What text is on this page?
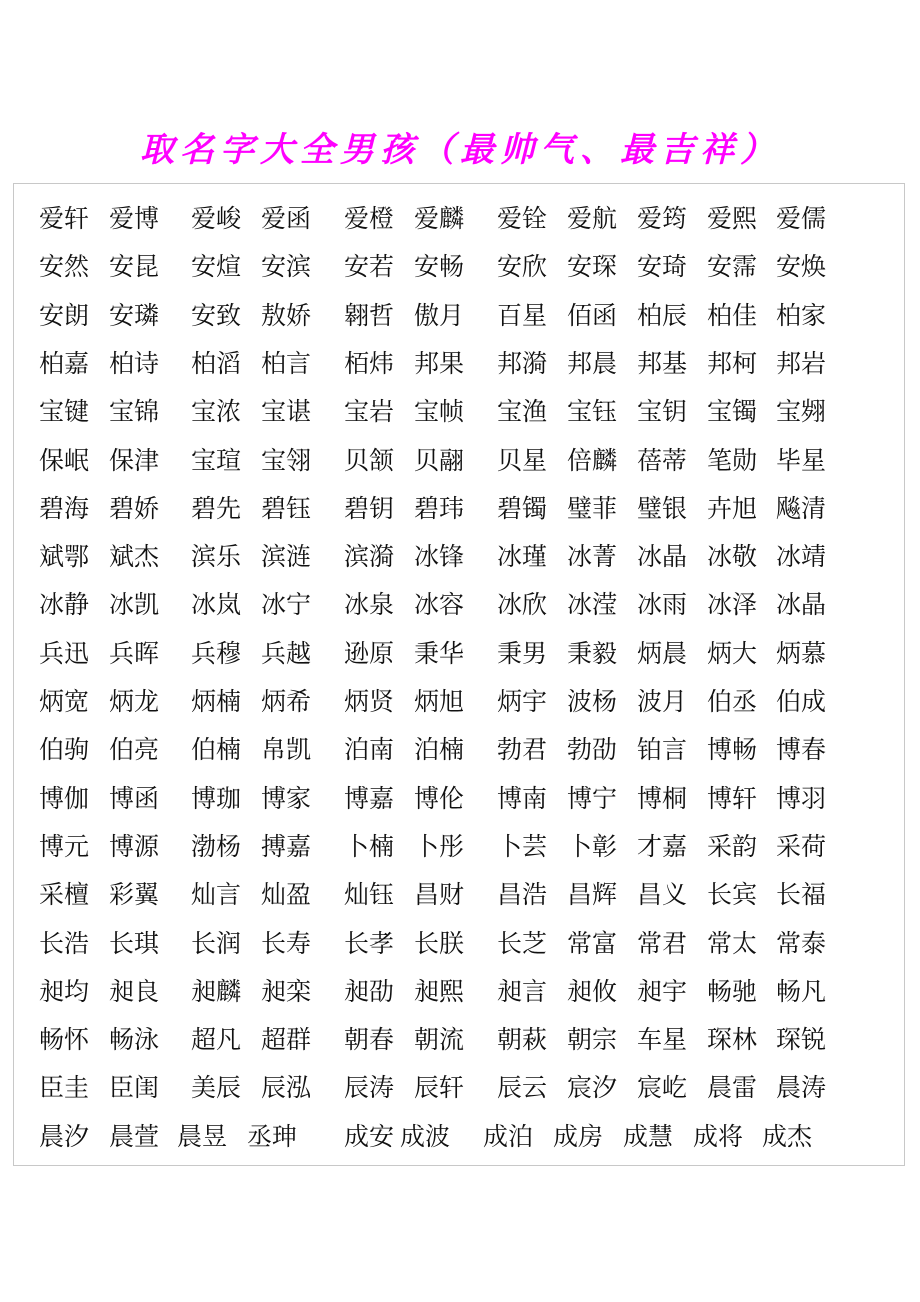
取名字大全男孩（最帅气、最吉祥）
爱轩 爱博 爱峻 爱函 爱橙 爱麟 爱铨 爱航 爱筠 爱熙 爱儒
安然 安昆 安煊 安滨 安若 安畅 安欣 安琛 安琦 安霈 安焕
安朗 安璘 安致 敖娇 翱哲 傲月 百星 佰函 柏辰 柏佳 柏家
柏嘉 柏诗 柏滔 柏言 栢炜 邦果 邦漪 邦晨 邦基 邦柯 邦岩
宝键 宝锦 宝浓 宝谌 宝岩 宝帧 宝渔 宝钰 宝钥 宝镯 宝翙
保岷 保津 宝瑄 宝翎 贝颔 贝翮 贝星 倍麟 蓓蒂 笔勋 毕星
碧海 碧娇 碧先 碧钰 碧钥 碧玮 碧镯 璧菲 璧银 卉旭 飚清
斌鄂 斌杰 滨乐 滨涟 滨漪 冰锋 冰瑾 冰菁 冰晶 冰敬 冰靖
冰静 冰凯 冰岚 冰宁 冰泉 冰容 冰欣 冰滢 冰雨 冰泽 冰晶
兵迅 兵晖 兵穆 兵越 逊原 秉华 秉男 秉毅 炳晨 炳大 炳慕
炳宽 炳龙 炳楠 炳希 炳贤 炳旭 炳宇 波杨 波月 伯丞 伯成
伯驹 伯亮 伯楠 帛凯 泊南 泊楠 勃君 勃劭 铂言 博畅 博春
博伽 博函 博珈 博家 博嘉 博伦 博南 博宁 博桐 博轩 博羽
博元 博源 渤杨 搏嘉 卜楠 卜彤 卜芸 卜彰 才嘉 采韵 采荷
采檀 彩翼 灿言 灿盈 灿钰 昌财 昌浩 昌辉 昌义 长宾 长福
长浩 长琪 长润 长寿 长孝 长朕 长芝 常富 常君 常太 常泰
昶均 昶良 昶麟 昶栾 昶劭 昶熙 昶言 昶攸 昶宇 畅驰 畅凡
畅怀 畅泳 超凡 超群 朝春 朝流 朝萩 朝宗 车星 琛林 琛锐
臣圭 臣闺 美辰 辰泓 辰涛 辰轩 辰云 宸汐 宸屹 晨雷 晨涛
晨汐 晨萱 晨昱 丞珅 成安 成波 成泊 成房 成慧 成将 成杰
